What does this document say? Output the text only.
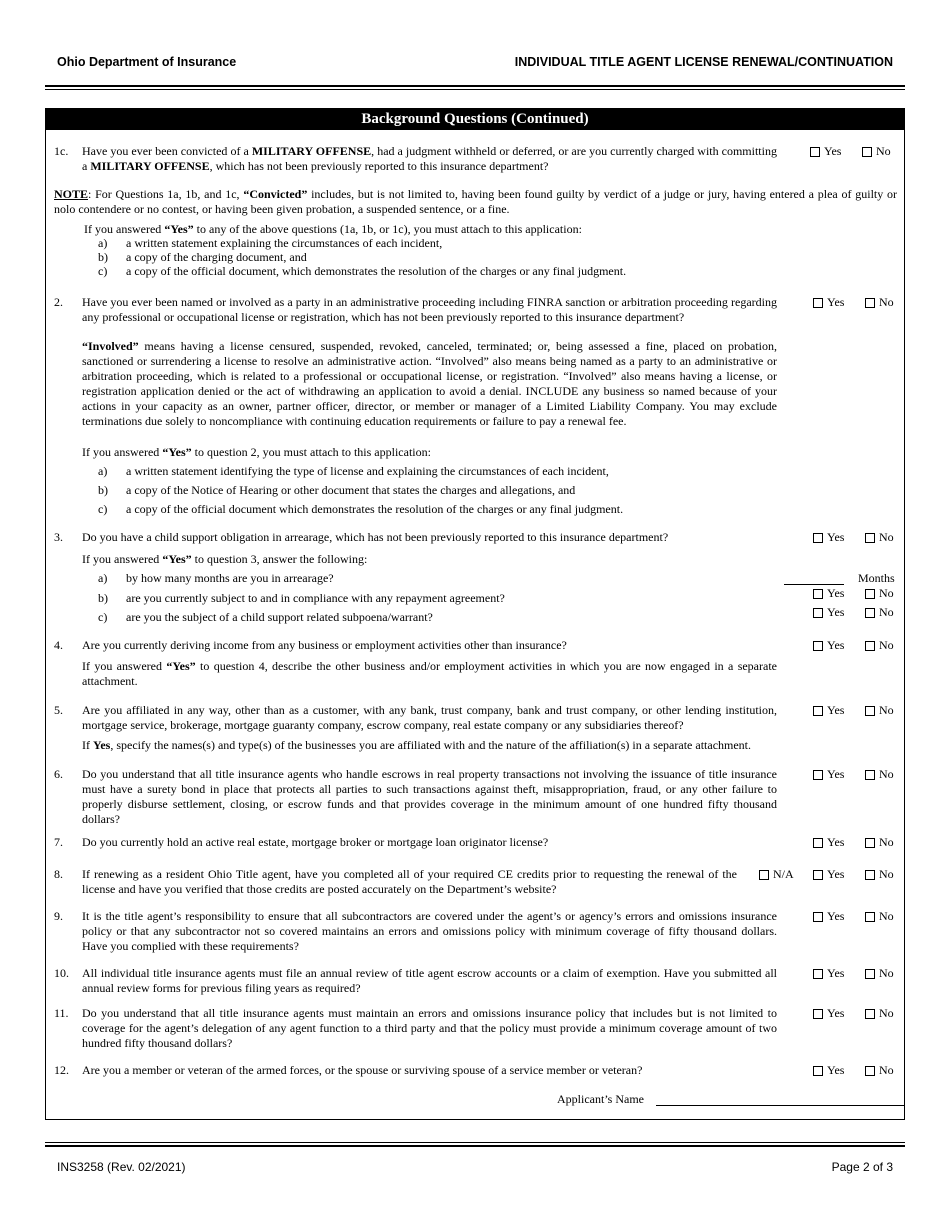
Ohio Department of Insurance	INDIVIDUAL TITLE AGENT LICENSE RENEWAL/CONTINUATION
Background Questions (Continued)
1c. Have you ever been convicted of a MILITARY OFFENSE, had a judgment withheld or deferred, or are you currently charged with committing a MILITARY OFFENSE, which has not been previously reported to this insurance department?
Yes	No
NOTE: For Questions 1a, 1b, and 1c, “Convicted” includes, but is not limited to, having been found guilty by verdict of a judge or jury, having entered a plea of guilty or nolo contendere or no contest, or having been given probation, a suspended sentence, or a fine.
If you answered “Yes” to any of the above questions (1a, 1b, or 1c), you must attach to this application:
a) a written statement explaining the circumstances of each incident,
b) a copy of the charging document, and
c) a copy of the official document, which demonstrates the resolution of the charges or any final judgment.
2. Have you ever been named or involved as a party in an administrative proceeding including FINRA sanction or arbitration proceeding regarding any professional or occupational license or registration, which has not been previously reported to this insurance department?
Yes	No
“Involved” means having a license censured, suspended, revoked, canceled, terminated; or, being assessed a fine, placed on probation, sanctioned or surrendering a license to resolve an administrative action. “Involved” also means being named as a party to an administrative or arbitration proceeding, which is related to a professional or occupational license, or registration. “Involved” also means having a license, or registration application denied or the act of withdrawing an application to avoid a denial. INCLUDE any business so named because of your actions in your capacity as an owner, partner officer, director, or member or manager of a Limited Liability Company. You may exclude terminations due solely to noncompliance with continuing education requirements or failure to pay a renewal fee.
If you answered “Yes” to question 2, you must attach to this application:
a) a written statement identifying the type of license and explaining the circumstances of each incident,
b) a copy of the Notice of Hearing or other document that states the charges and allegations, and
c) a copy of the official document which demonstrates the resolution of the charges or any final judgment.
3. Do you have a child support obligation in arrearage, which has not been previously reported to this insurance department?	Yes	No
If you answered “Yes” to question 3, answer the following:
a) by how many months are you in arrearage?	Months
b) are you currently subject to and in compliance with any repayment agreement?	Yes	No
c) are you the subject of a child support related subpoena/warrant?	Yes	No
4. Are you currently deriving income from any business or employment activities other than insurance?	Yes	No
If you answered “Yes” to question 4, describe the other business and/or employment activities in which you are now engaged in a separate attachment.
5. Are you affiliated in any way, other than as a customer, with any bank, trust company, bank and trust company, or other lending institution, mortgage service, brokerage, mortgage guaranty company, escrow company, real estate company or any subsidiaries thereof?
Yes	No
If Yes, specify the names(s) and type(s) of the businesses you are affiliated with and the nature of the affiliation(s) in a separate attachment.
6. Do you understand that all title insurance agents who handle escrows in real property transactions not involving the issuance of title insurance must have a surety bond in place that protects all parties to such transactions against theft, misappropriation, fraud, or any other failure to properly disburse settlement, closing, or escrow funds and that provides coverage in the minimum amount of one hundred fifty thousand dollars?
Yes	No
7. Do you currently hold an active real estate, mortgage broker or mortgage loan originator license?	Yes	No
8. If renewing as a resident Ohio Title agent, have you completed all of your required CE credits prior to requesting the renewal of the license and have you verified that those credits are posted accurately on the Department’s website?
N/A	Yes	No
9. It is the title agent’s responsibility to ensure that all subcontractors are covered under the agent’s or agency’s errors and omissions insurance policy or that any subcontractor not so covered maintains an errors and omissions policy with minimum coverage of fifty thousand dollars. Have you complied with these requirements?
Yes	No
10. All individual title insurance agents must file an annual review of title agent escrow accounts or a claim of exemption. Have you submitted all annual review forms for previous filing years as required?
Yes	No
11. Do you understand that all title insurance agents must maintain an errors and omissions insurance policy that includes but is not limited to coverage for the agent’s delegation of any agent function to a third party and that the policy must provide a minimum coverage amount of two hundred fifty thousand dollars?
Yes	No
12. Are you a member or veteran of the armed forces, or the spouse or surviving spouse of a service member or veteran?	Yes	No
Applicant’s Name
INS3258 (Rev. 02/2021)	Page 2 of 3
